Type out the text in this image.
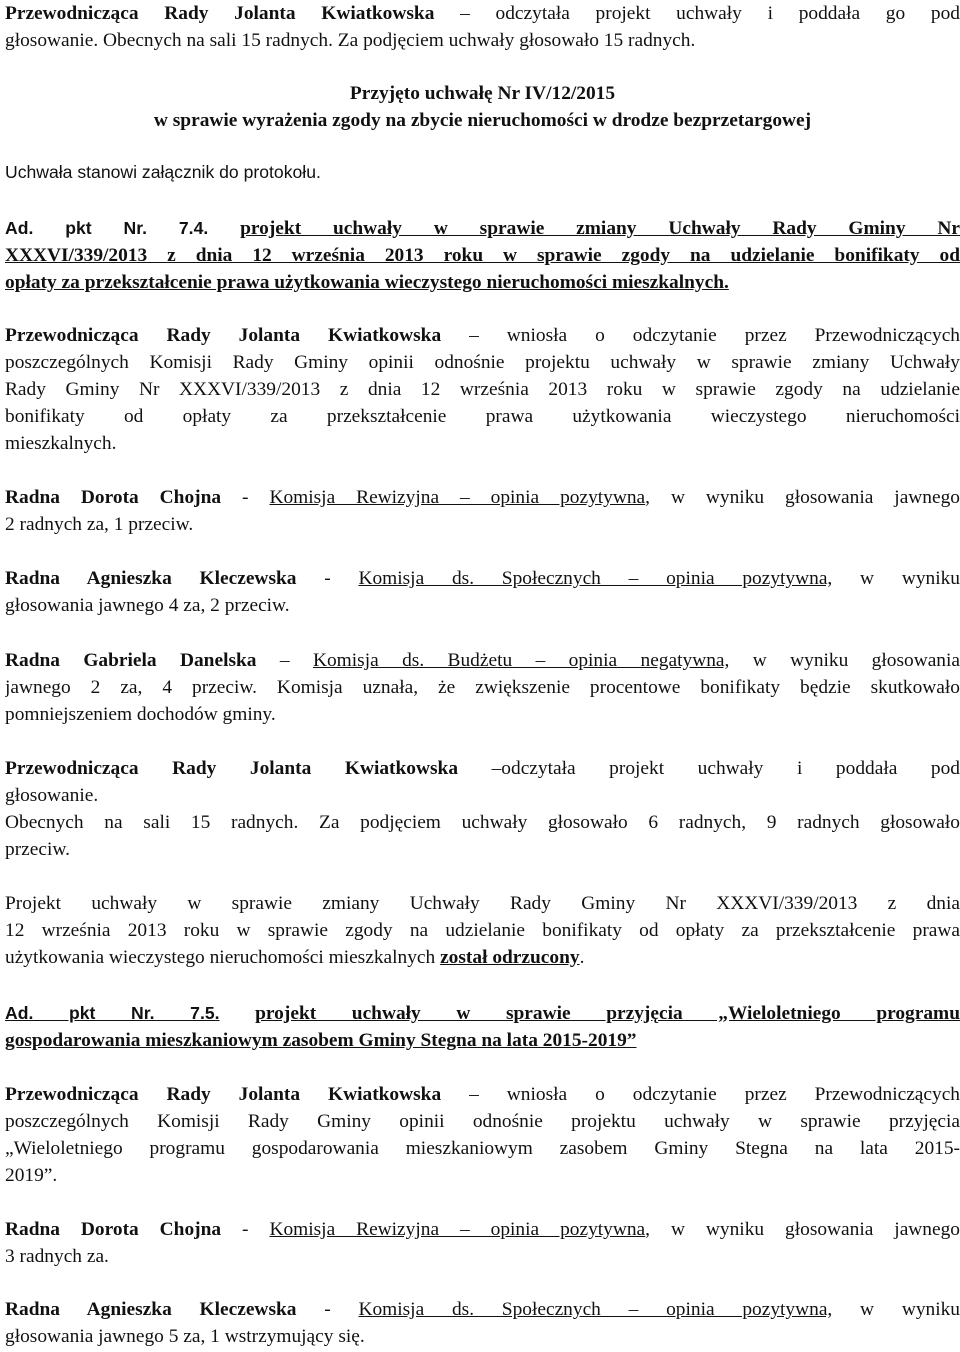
Przewodnicząca Rady Jolanta Kwiatkowska – odczytała projekt uchwały i poddała go pod
głosowanie. Obecnych na sali 15 radnych. Za podjęciem uchwały głosowało 15 radnych.
Przyjęto uchwałę Nr IV/12/2015
w sprawie wyrażenia zgody na zbycie nieruchomości w drodze bezprzetargowej
Uchwała stanowi załącznik do protokołu.
Ad. pkt Nr. 7.4. projekt uchwały w sprawie zmiany Uchwały Rady Gminy Nr
XXXVI/339/2013 z dnia 12 września 2013 roku w sprawie zgody na udzielanie bonifikaty od
opłaty za przekształcenie prawa użytkowania wieczystego nieruchomości mieszkalnych.
Przewodnicząca Rady Jolanta Kwiatkowska – wniosła o odczytanie przez Przewodniczących
poszczególnych Komisji Rady Gminy opinii odnośnie projektu uchwały w sprawie zmiany Uchwały
Rady Gminy Nr XXXVI/339/2013 z dnia 12 września 2013 roku w sprawie zgody na udzielanie
bonifikaty od opłaty za przekształcenie prawa użytkowania wieczystego nieruchomości
mieszkalnych.
Radna Dorota Chojna - Komisja Rewizyjna – opinia pozytywna, w wyniku głosowania jawnego
2 radnych za, 1 przeciw.
Radna Agnieszka Kleczewska - Komisja ds. Społecznych – opinia pozytywna, w wyniku
głosowania jawnego 4 za, 2 przeciw.
Radna Gabriela Danelska – Komisja ds. Budżetu – opinia negatywna, w wyniku głosowania
jawnego 2 za, 4 przeciw. Komisja uznała, że zwiększenie procentowe bonifikaty będzie skutkowało
pomniejszeniem dochodów gminy.
Przewodnicząca Rady Jolanta Kwiatkowska –odczytała projekt uchwały i poddała pod
głosowanie.
Obecnych na sali 15 radnych. Za podjęciem uchwały głosowało 6 radnych, 9 radnych głosowało
przeciw.
Projekt uchwały w sprawie zmiany Uchwały Rady Gminy Nr XXXVI/339/2013 z dnia
12 września 2013 roku w sprawie zgody na udzielanie bonifikaty od opłaty za przekształcenie prawa
użytkowania wieczystego nieruchomości mieszkalnych został odrzucony.
Ad. pkt Nr. 7.5. projekt uchwały w sprawie przyjęcia „Wieloletniego programu
gospodarowania mieszkaniowym zasobem Gminy Stegna na lata 2015-2019”
Przewodnicząca Rady Jolanta Kwiatkowska – wniosła o odczytanie przez Przewodniczących
poszczególnych Komisji Rady Gminy opinii odnośnie projektu uchwały w sprawie przyjęcia
„Wieloletniego programu gospodarowania mieszkaniowym zasobem Gminy Stegna na lata 2015-
2019”.
Radna Dorota Chojna - Komisja Rewizyjna – opinia pozytywna, w wyniku głosowania jawnego
3 radnych za.
Radna Agnieszka Kleczewska - Komisja ds. Społecznych – opinia pozytywna, w wyniku
głosowania jawnego 5 za, 1 wstrzymujący się.
